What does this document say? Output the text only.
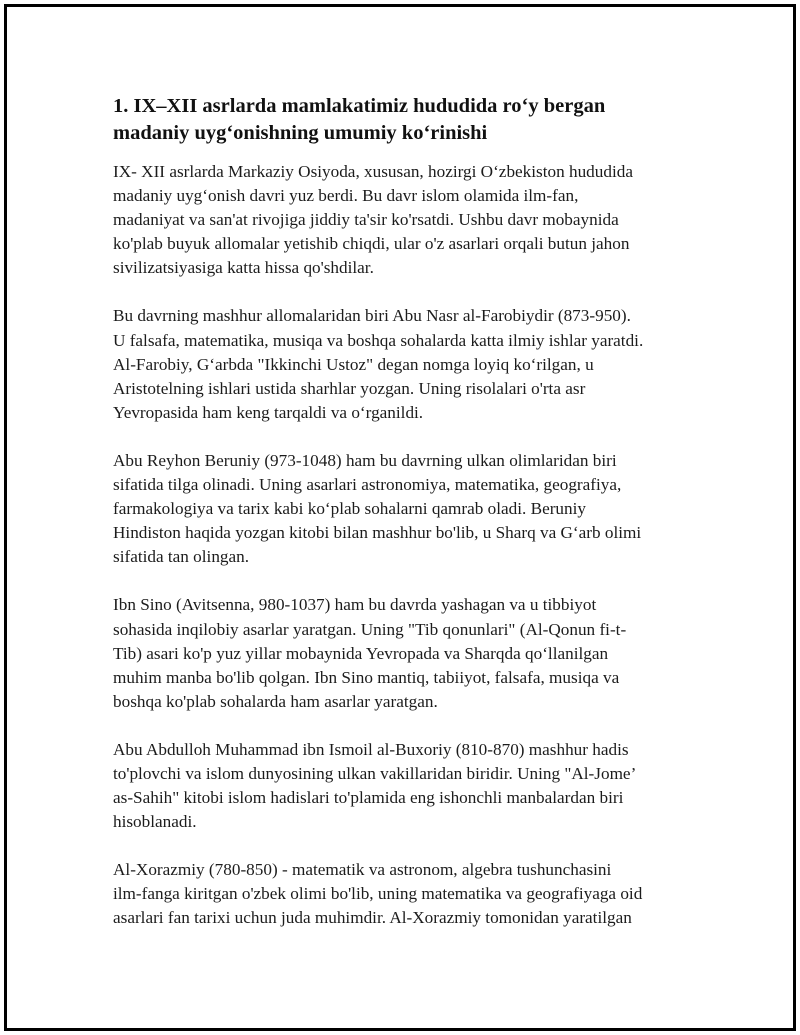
1. IX–XII asrlarda mamlakatimiz hududida ro‘y bergan
madaniy uyg‘onishning umumiy ko‘rinishi

IX- XII asrlarda Markaziy Osiyoda, xususan, hozirgi O‘zbekiston hududida
madaniy uyg‘onish davri yuz berdi. Bu davr islom olamida ilm-fan,
madaniyat va san'at rivojiga jiddiy ta'sir ko'rsatdi. Ushbu davr mobaynida
ko'plab buyuk allomalar yetishib chiqdi, ular o'z asarlari orqali butun jahon
sivilizatsiyasiga katta hissa qo'shdilar.

Bu davrning mashhur allomalaridan biri Abu Nasr al-Farobiydir (873-950).
U falsafa, matematika, musiqa va boshqa sohalarda katta ilmiy ishlar yaratdi.
Al-Farobiy, G‘arbda "Ikkinchi Ustoz" degan nomga loyiq ko‘rilgan, u
Aristotelning ishlari ustida sharhlar yozgan. Uning risolalari o'rta asr
Yevropasida ham keng tarqaldi va o‘rganildi.

Abu Reyhon Beruniy (973-1048) ham bu davrning ulkan olimlaridan biri
sifatida tilga olinadi. Uning asarlari astronomiya, matematika, geografiya,
farmakologiya va tarix kabi ko‘plab sohalarni qamrab oladi. Beruniy
Hindiston haqida yozgan kitobi bilan mashhur bo'lib, u Sharq va G‘arb olimi
sifatida tan olingan.

Ibn Sino (Avitsenna, 980-1037) ham bu davrda yashagan va u tibbiyot
sohasida inqilobiy asarlar yaratgan. Uning "Tib qonunlari" (Al-Qonun fi-t-
Tib) asari ko'p yuz yillar mobaynida Yevropada va Sharqda qo‘llanilgan
muhim manba bo'lib qolgan. Ibn Sino mantiq, tabiiyot, falsafa, musiqa va
boshqa ko'plab sohalarda ham asarlar yaratgan.

Abu Abdulloh Muhammad ibn Ismoil al-Buxoriy (810-870) mashhur hadis
to'plovchi va islom dunyosining ulkan vakillaridan biridir. Uning "Al-Jome’
as-Sahih" kitobi islom hadislari to'plamida eng ishonchli manbalardan biri
hisoblanadi.

Al-Xorazmiy (780-850) - matematik va astronom, algebra tushunchasini
ilm-fanga kiritgan o'zbek olimi bo'lib, uning matematika va geografiyaga oid
asarlari fan tarixi uchun juda muhimdir. Al-Xorazmiy tomonidan yaratilgan
